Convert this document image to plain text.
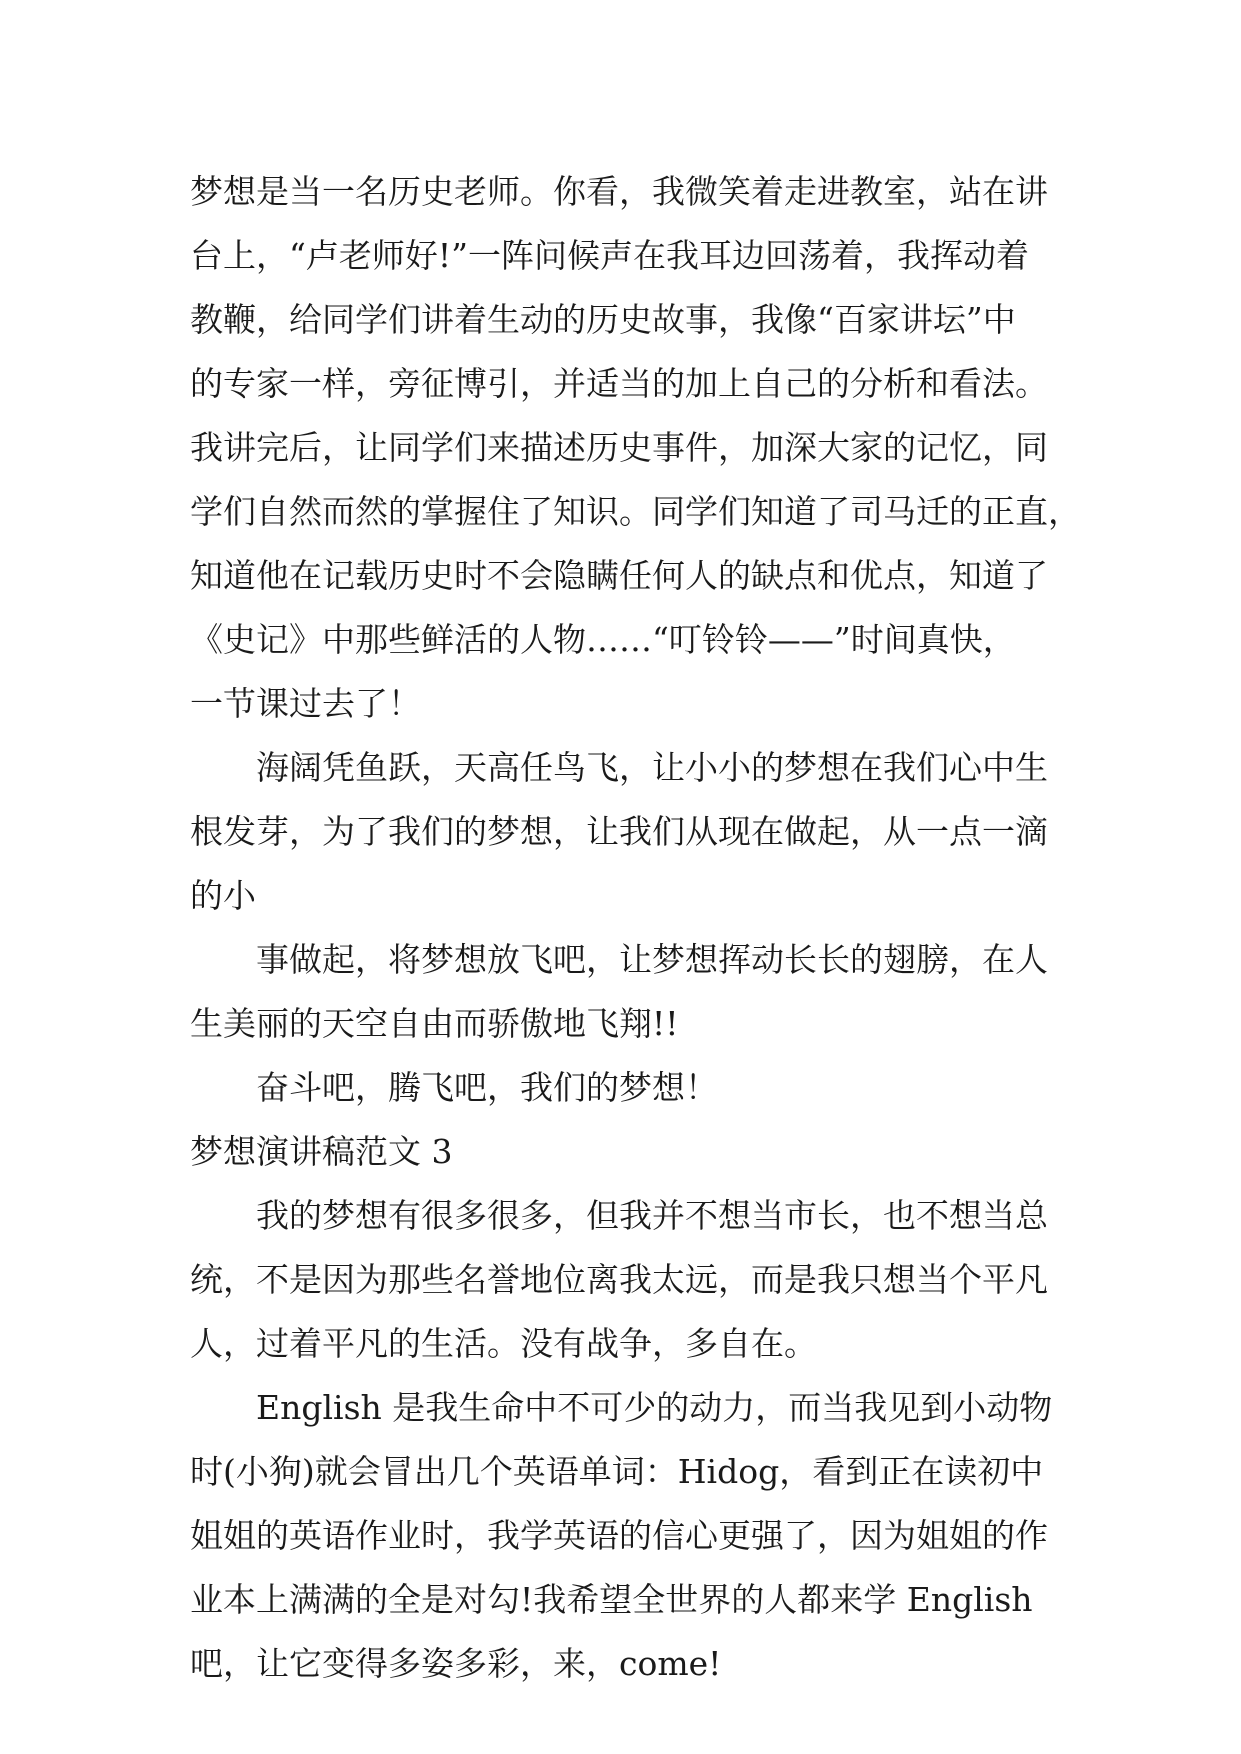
梦想是当一名历史老师。你看，我微笑着走进教室，站在讲
台上，“卢老师好!”一阵问候声在我耳边回荡着，我挥动着
教鞭，给同学们讲着生动的历史故事，我像“百家讲坛”中
的专家一样，旁征博引，并适当的加上自己的分析和看法。
我讲完后，让同学们来描述历史事件，加深大家的记忆，同
学们自然而然的掌握住了知识。同学们知道了司马迁的正直，
知道他在记载历史时不会隐瞒任何人的缺点和优点，知道了
《史记》中那些鲜活的人物……“叮铃铃——”时间真快，
一节课过去了！
海阔凭鱼跃，天高任鸟飞，让小小的梦想在我们心中生
根发芽，为了我们的梦想，让我们从现在做起，从一点一滴
的小
事做起，将梦想放飞吧，让梦想挥动长长的翅膀，在人
生美丽的天空自由而骄傲地飞翔!!
奋斗吧，腾飞吧，我们的梦想！
梦想演讲稿范文 3
我的梦想有很多很多，但我并不想当市长，也不想当总
统，不是因为那些名誉地位离我太远，而是我只想当个平凡
人，过着平凡的生活。没有战争，多自在。
English 是我生命中不可少的动力，而当我见到小动物
时(小狗)就会冒出几个英语单词：Hidog，看到正在读初中
姐姐的英语作业时，我学英语的信心更强了，因为姐姐的作
业本上满满的全是对勾!我希望全世界的人都来学 English
吧，让它变得多姿多彩，来，come!
